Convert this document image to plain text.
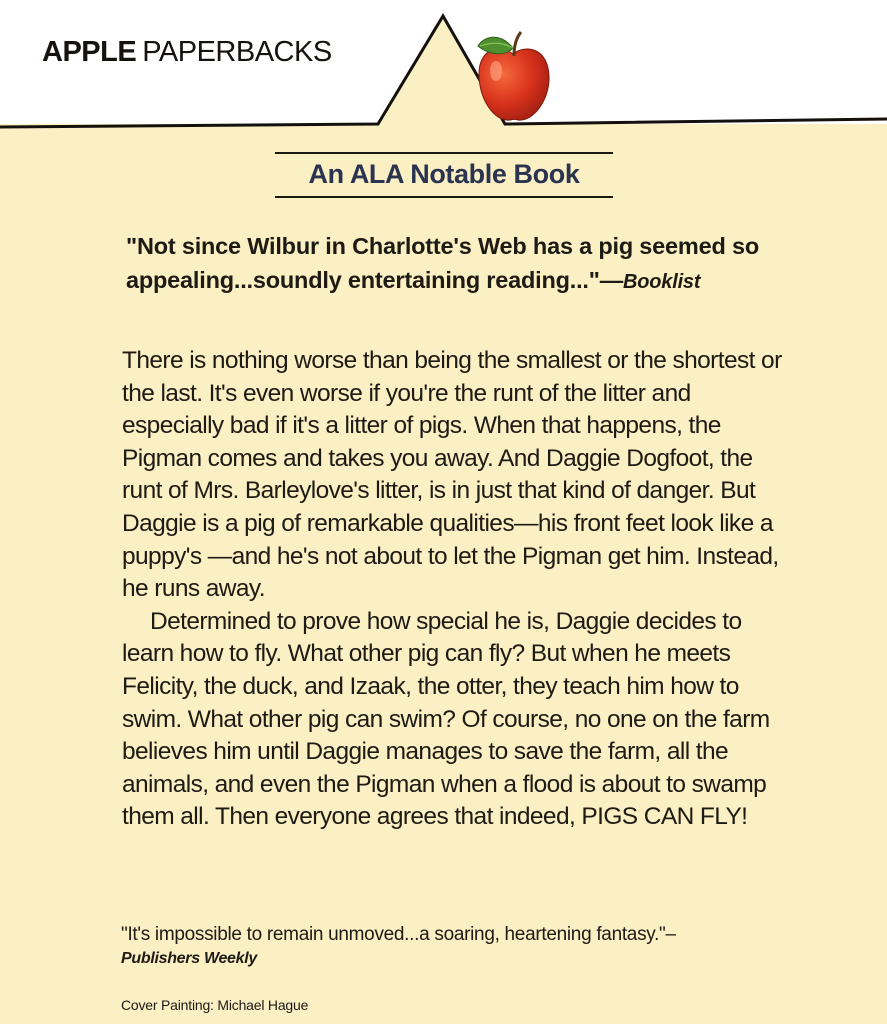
APPLE PAPERBACKS
An ALA Notable Book
"Not since Wilbur in Charlotte's Web has a pig seemed so appealing...soundly entertaining reading..."—Booklist

There is nothing worse than being the smallest or the shortest or the last. It's even worse if you're the runt of the litter and especially bad if it's a litter of pigs. When that happens, the Pigman comes and takes you away. And Daggie Dogfoot, the runt of Mrs. Barleylove's litter, is in just that kind of danger. But Daggie is a pig of remarkable qualities—his front feet look like a puppy's —and he's not about to let the Pigman get him. Instead, he runs away.

Determined to prove how special he is, Daggie decides to learn how to fly. What other pig can fly? But when he meets Felicity, the duck, and Izaak, the otter, they teach him how to swim. What other pig can swim? Of course, no one on the farm believes him until Daggie manages to save the farm, all the animals, and even the Pigman when a flood is about to swamp them all. Then everyone agrees that indeed, PIGS CAN FLY!

"It's impossible to remain unmoved...a soaring, heartening fantasy."–Publishers Weekly
Cover Painting: Michael Hague
